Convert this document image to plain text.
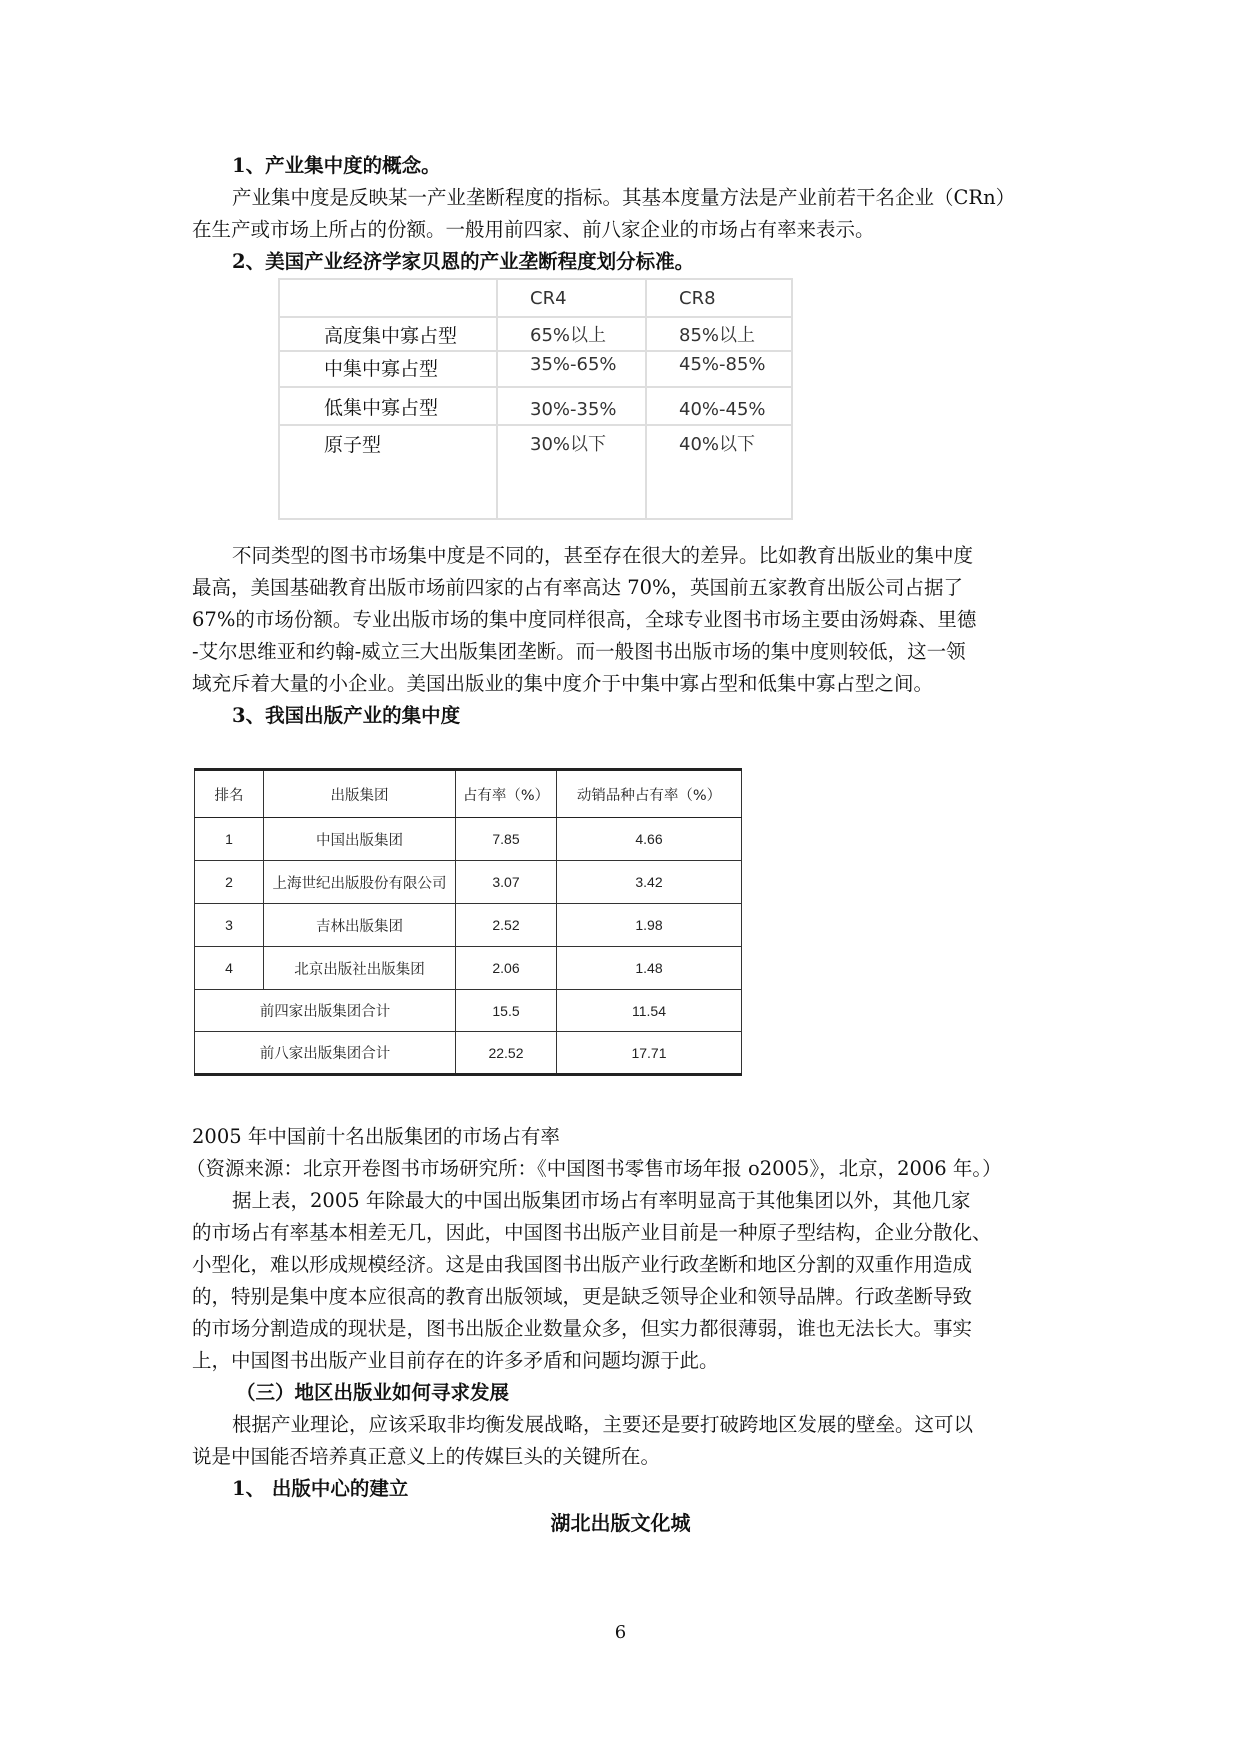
1、产业集中度的概念。
产业集中度是反映某一产业垄断程度的指标。其基本度量方法是产业前若干名企业（CRn）
在生产或市场上所占的份额。一般用前四家、前八家企业的市场占有率来表示。
2、美国产业经济学家贝恩的产业垄断程度划分标准。
	CR4	CR8
高度集中寡占型	65%以上	85%以上
中集中寡占型	35%-65%	45%-85%
低集中寡占型	30%-35%	40%-45%
原子型	30%以下	40%以下
不同类型的图书市场集中度是不同的，甚至存在很大的差异。比如教育出版业的集中度
最高，美国基础教育出版市场前四家的占有率高达 70%，英国前五家教育出版公司占据了
67%的市场份额。专业出版市场的集中度同样很高，全球专业图书市场主要由汤姆森、里德
-艾尔思维亚和约翰-威立三大出版集团垄断。而一般图书出版市场的集中度则较低，这一领
域充斥着大量的小企业。美国出版业的集中度介于中集中寡占型和低集中寡占型之间。
3、我国出版产业的集中度
排名	出版集团	占有率（%）	动销品种占有率（%）
1	中国出版集团	7.85	4.66
2	上海世纪出版股份有限公司	3.07	3.42
3	吉林出版集团	2.52	1.98
4	北京出版社出版集团	2.06	1.48
前四家出版集团合计		15.5	11.54
前八家出版集团合计		22.52	17.71
2005 年中国前十名出版集团的市场占有率
（资源来源：北京开卷图书市场研究所：《中国图书零售市场年报 o2005》，北京，2006 年。）
据上表，2005 年除最大的中国出版集团市场占有率明显高于其他集团以外，其他几家
的市场占有率基本相差无几，因此，中国图书出版产业目前是一种原子型结构，企业分散化、
小型化，难以形成规模经济。这是由我国图书出版产业行政垄断和地区分割的双重作用造成
的，特别是集中度本应很高的教育出版领域，更是缺乏领导企业和领导品牌。行政垄断导致
的市场分割造成的现状是，图书出版企业数量众多，但实力都很薄弱，谁也无法长大。事实
上，中国图书出版产业目前存在的许多矛盾和问题均源于此。
（三）地区出版业如何寻求发展
根据产业理论，应该采取非均衡发展战略，主要还是要打破跨地区发展的壁垒。这可以
说是中国能否培养真正意义上的传媒巨头的关键所在。
1、 出版中心的建立
湖北出版文化城
6
